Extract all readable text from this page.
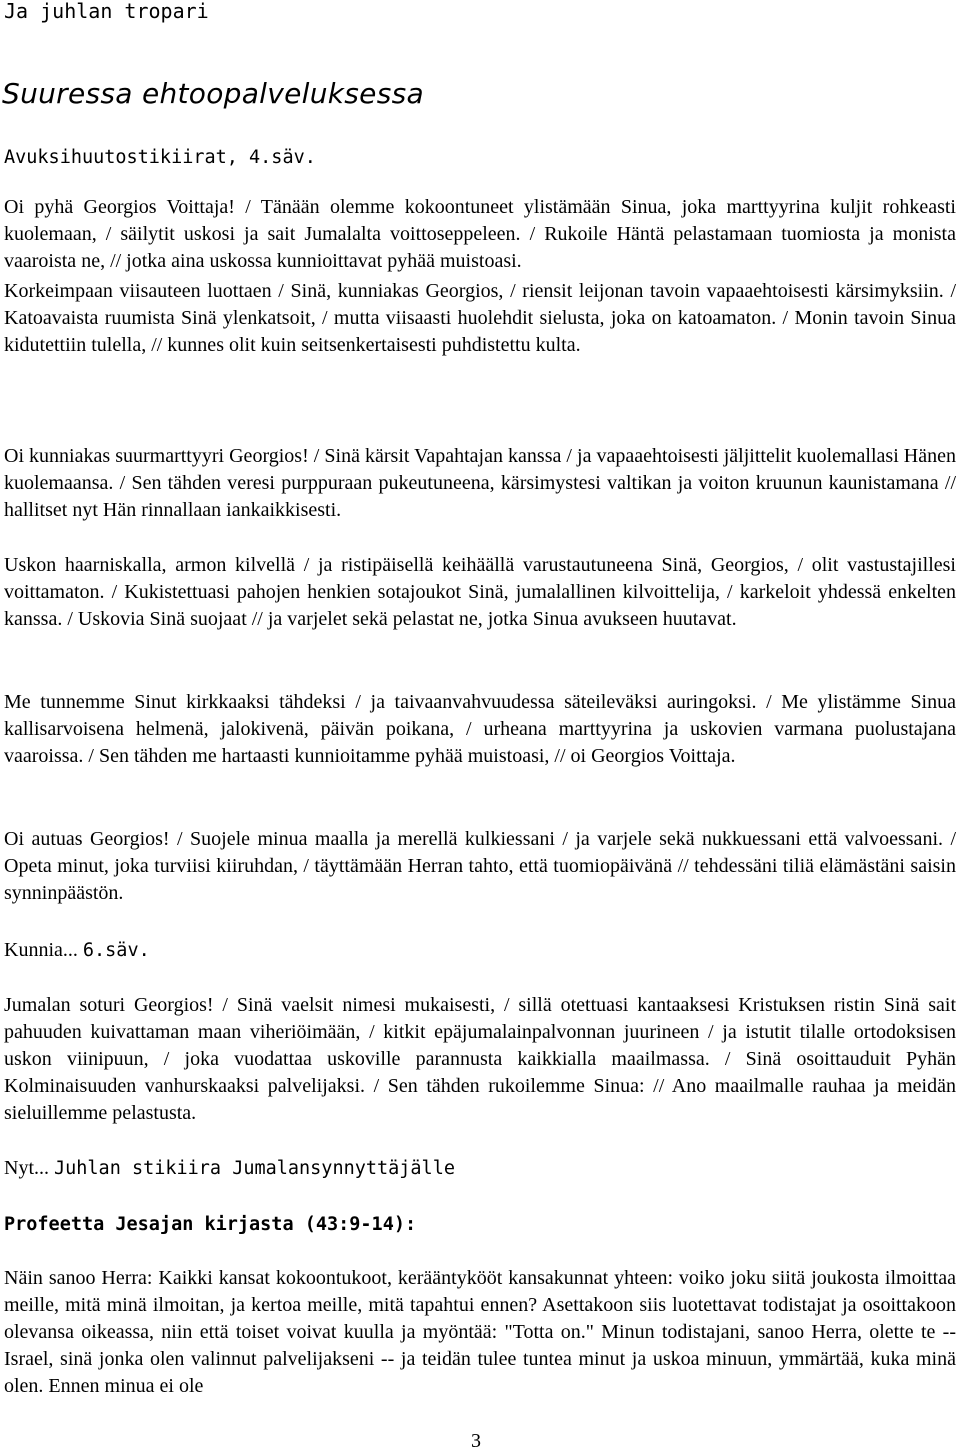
Ja juhlan tropari
Suuressa ehtoopalveluksessa
Avuksihuutostikiirat, 4.säv.

Oi pyhä Georgios Voittaja! / Tänään olemme kokoontuneet ylistämään Sinua, joka marttyyrina kuljit rohkeasti kuolemaan, / säilytit uskosi ja sait Jumalalta voittoseppeleen. / Rukoile Häntä pelastamaan tuomiosta ja monista vaaroista ne, // jotka aina uskossa kunnioittavat pyhää muistoasi.

Korkeimpaan viisauteen luottaen / Sinä, kunniakas Georgios, / riensit leijonan tavoin vapaaehtoisesti kärsimyksiin. / Katoavaista ruumista Sinä ylenkatsoit, / mutta viisaasti huolehdit sielusta, joka on katoamaton. / Monin tavoin Sinua kidutettiin tulella, // kunnes olit kuin seitsenkertaisesti puhdistettu kulta.

Oi kunniakas suurmarttyyri Georgios! / Sinä kärsit Vapahtajan kanssa / ja vapaaehtoisesti jäljittelit kuolemallasi Hänen kuolemaansa. / Sen tähden veresi purppuraan pukeutuneena, kärsimystesi valtikan ja voiton kruunun kaunistamana // hallitset nyt Hän rinnallaan iankaikkisesti.

Uskon haarniskalla, armon kilvellä / ja ristipäisellä keihäällä varustautuneena Sinä, Georgios, / olit vastustajillesi voittamaton. / Kukistettuasi pahojen henkien sotajoukot Sinä, jumalallinen kilvoittelija, / karkeloit yhdessä enkelten kanssa. / Uskovia Sinä suojaat // ja varjelet sekä pelastat ne, jotka Sinua avukseen huutavat.

Me tunnemme Sinut kirkkaaksi tähdeksi / ja taivaanvahvuudessa säteileväksi auringoksi. / Me ylistämme Sinua kallisarvoisena helmenä, jalokivenä, päivän poikana, / urheana marttyyrina ja uskovien varmana puolustajana vaaroissa. / Sen tähden me hartaasti kunnioitamme pyhää muistoasi, // oi Georgios Voittaja.

Oi autuas Georgios! / Suojele minua maalla ja merellä kulkiessani / ja varjele sekä nukkuessani että valvoessani. / Opeta minut, joka turviisi kiiruhdan, / täyttämään Herran tahto, että tuomiopäivänä // tehdessäni tiliä elämästäni saisin synninpäästön.

Kunnia... 6.säv.

Jumalan soturi Georgios! / Sinä vaelsit nimesi mukaisesti, / sillä otettuasi kantaaksesi Kristuksen ristin Sinä sait pahuuden kuivattaman maan viheriöimään, / kitkit epäjumalainpalvonnan juurineen / ja istutit tilalle ortodoksisen uskon viinipuun, / joka vuodattaa uskoville parannusta kaikkialla maailmassa. / Sinä osoittauduit Pyhän Kolminaisuuden vanhurskaaksi palvelijaksi. / Sen tähden rukoilemme Sinua: // Ano maailmalle rauhaa ja meidän sieluillemme pelastusta.

Nyt... Juhlan stikiira Jumalansynnyttäjälle
Profeetta Jesajan kirjasta (43:9-14):

Näin sanoo Herra: Kaikki kansat kokoontukoot, kerääntykööt kansakunnat yhteen: voiko joku siitä joukosta ilmoittaa meille, mitä minä ilmoitan, ja kertoa meille, mitä tapahtui ennen? Asettakoon siis luotettavat todistajat ja osoittakoon olevansa oikeassa, niin että toiset voivat kuulla ja myöntää: "Totta on." Minun todistajani, sanoo Herra, olette te -- Israel, sinä jonka olen valinnut palvelijakseni -- ja teidän tulee tuntea minut ja uskoa minuun, ymmärtää, kuka minä olen. Ennen minua ei ole

3
